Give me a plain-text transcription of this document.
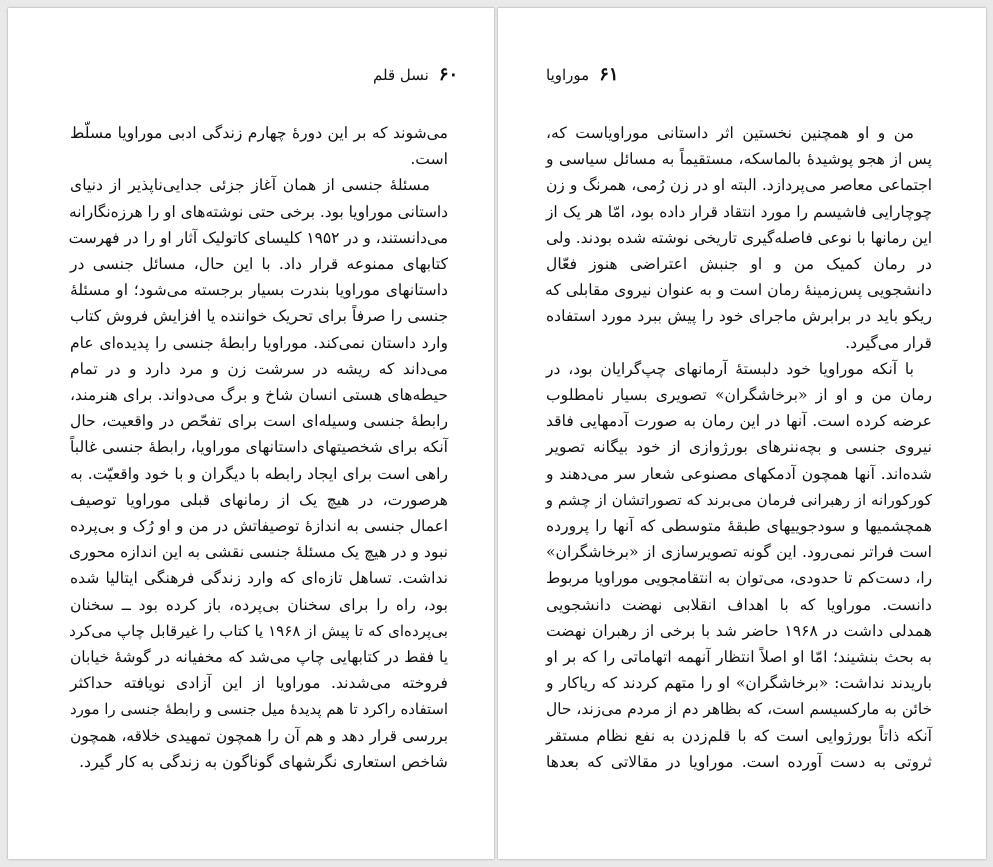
۶۰نسل قلم
می‌شوند که بر این دورهٔ چهارم زندگی ادبی موراویا مسلّط
است.
مسئلهٔ جنسی از همان آغاز جزئی جدایی‌ناپذیر از دنیای
داستانی موراویا بود. برخی حتی نوشته‌های او را هرزه‌نگارانه
می‌دانستند، و در ۱۹۵۲ کلیسای کاتولیک آثار او را در فهرست
کتابهای ممنوعه قرار داد. با این حال، مسائل جنسی در
داستانهای موراویا بندرت بسیار برجسته می‌شود؛ او مسئلهٔ
جنسی را صرفاً برای تحریک خواننده یا افزایش فروش کتاب
وارد داستان نمی‌کند. موراویا رابطهٔ جنسی را پدیده‌ای عام
می‌داند که ریشه در سرشت زن و مرد دارد و در تمام
حیطه‌های هستی انسان شاخ و برگ می‌دواند. برای هنرمند،
رابطهٔ جنسی وسیله‌ای است برای تفحّص در واقعیت، حال
آنکه برای شخصیتهای داستانهای موراویا، رابطهٔ جنسی غالباً
راهی است برای ایجاد رابطه با دیگران و با خود واقعیّت. به
هرصورت، در هیچ یک از رمانهای قبلی موراویا توصیف
اعمال جنسی به اندازهٔ توصیفاتش در من و او رُک و بی‌پرده
نبود و در هیچ یک مسئلهٔ جنسی نقشی به این اندازه محوری
نداشت. تساهل تازه‌ای که وارد زندگی فرهنگی ایتالیا شده
بود، راه را برای سخنان بی‌پرده، باز کرده بود ــ سخنان
بی‌پرده‌ای که تا پیش از ۱۹۶۸ یا کتاب را غیرقابل چاپ می‌کرد
یا فقط در کتابهایی چاپ می‌شد که مخفیانه در گوشهٔ خیابان
فروخته می‌شدند. موراویا از این آزادی نویافته حداکثر
استفاده راکرد تا هم پدیدهٔ میل جنسی و رابطهٔ جنسی را مورد
بررسی قرار دهد و هم آن را همچون تمهیدی خلاقه، همچون
شاخص استعاری نگرشهای گوناگون به زندگی به کار گیرد.
۶۱موراویا
من و او همچنین نخستین اثر داستانی موراویاست که،
پس از هجو پوشیدهٔ بالماسکه، مستقیماً به مسائل سیاسی و
اجتماعی معاصر می‌پردازد. البته او در زن رُمی، همرنگ و زن
چوچارایی فاشیسم را مورد انتقاد قرار داده بود، امّا هر یک از
این رمانها با نوعی فاصله‌گیری تاریخی نوشته شده بودند. ولی
در رمان کمیک من و او جنبش اعتراضی هنوز فعّال
دانشجویی پس‌زمینهٔ رمان است و به عنوان نیروی مقابلی که
ریکو باید در برابرش ماجرای خود را پیش ببرد مورد استفاده
قرار می‌گیرد.
با آنکه موراویا خود دلبستهٔ آرمانهای چپ‌گرایان بود، در
رمان من و او از «برخاشگران» تصویری بسیار نامطلوب
عرضه کرده است. آنها در این رمان به صورت آدمهایی فاقد
نیروی جنسی و بچه‌ننرهای بورژوازی از خود بیگانه تصویر
شده‌اند. آنها همچون آدمکهای مصنوعی شعار سر می‌دهند و
کورکورانه از رهبرانی فرمان می‌برند که تصوراتشان از چشم و
همچشمیها و سودجوییهای طبقهٔ متوسطی که آنها را پرورده
است فراتر نمی‌رود. این گونه تصویرسازی از «برخاشگران»
را، دست‌کم تا حدودی، می‌توان به انتقامجویی موراویا مربوط
دانست. موراویا که با اهداف انقلابی نهضت دانشجویی
همدلی داشت در ۱۹۶۸ حاضر شد با برخی از رهبران نهضت
به بحث بنشیند؛ امّا او اصلاً انتظار آنهمه اتهاماتی را که بر او
باریدند نداشت: «برخاشگران» او را متهم کردند که ریاکار و
خائن به مارکسیسم است، که بظاهر دم از مردم می‌زند، حال
آنکه ذاتاً بورژوایی است که با قلم‌زدن به نفع نظام مستقر
ثروتی به دست آورده است. موراویا در مقالاتی که بعدها
